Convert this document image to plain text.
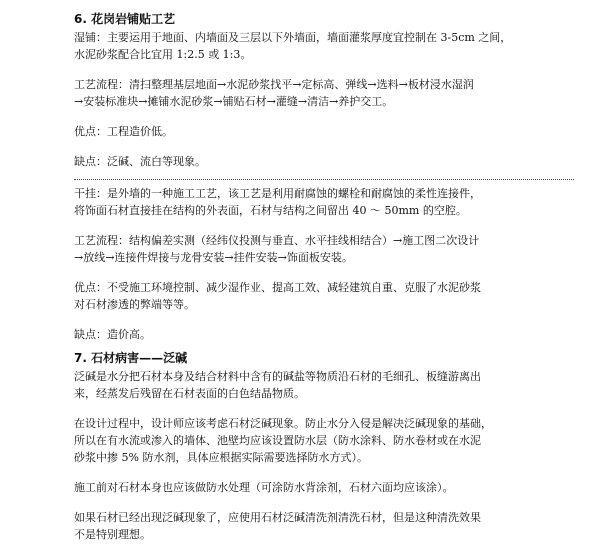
6. 花岗岩铺贴工艺

湿铺：主要运用于地面、内墙面及三层以下外墙面，墙面灌浆厚度宜控制在 3-5cm 之间，
水泥砂浆配合比宜用 1:2.5 或 1:3。

工艺流程：清扫整理基层地面→水泥砂浆找平→定标高、弹线→选料→板材浸水湿润
→安装标准块→摊铺水泥砂浆→铺贴石材→灌缝→清洁→养护交工。

优点：工程造价低。

缺点：泛碱、流白等现象。

干挂：是外墙的一种施工工艺，该工艺是利用耐腐蚀的螺栓和耐腐蚀的柔性连接件，
将饰面石材直接挂在结构的外表面，石材与结构之间留出 40 ～ 50mm 的空腔。

工艺流程：结构偏差实测（经纬仪投测与垂直、水平挂线相结合）→施工图二次设计
→放线→连接件焊接与龙骨安装→挂件安装→饰面板安装。

优点：不受施工环境控制、减少湿作业、提高工效、减轻建筑自重、克服了水泥砂浆
对石材渗透的弊端等等。

缺点：造价高。

7. 石材病害——泛碱

泛碱是水分把石材本身及结合材料中含有的碱盐等物质沿石材的毛细孔、板缝游离出
来，经蒸发后残留在石材表面的白色结晶物质。

在设计过程中，设计师应该考虑石材泛碱现象。防止水分入侵是解决泛碱现象的基础，
所以在有水流或渗入的墙体、池壁均应该设置防水层（防水涂料、防水卷材或在水泥
砂浆中掺 5% 防水剂，具体应根据实际需要选择防水方式）。

施工前对石材本身也应该做防水处理（可涂防水背涂剂，石材六面均应该涂）。

如果石材已经出现泛碱现象了，应使用石材泛碱清洗剂清洗石材，但是这种清洗效果
不是特别理想。
